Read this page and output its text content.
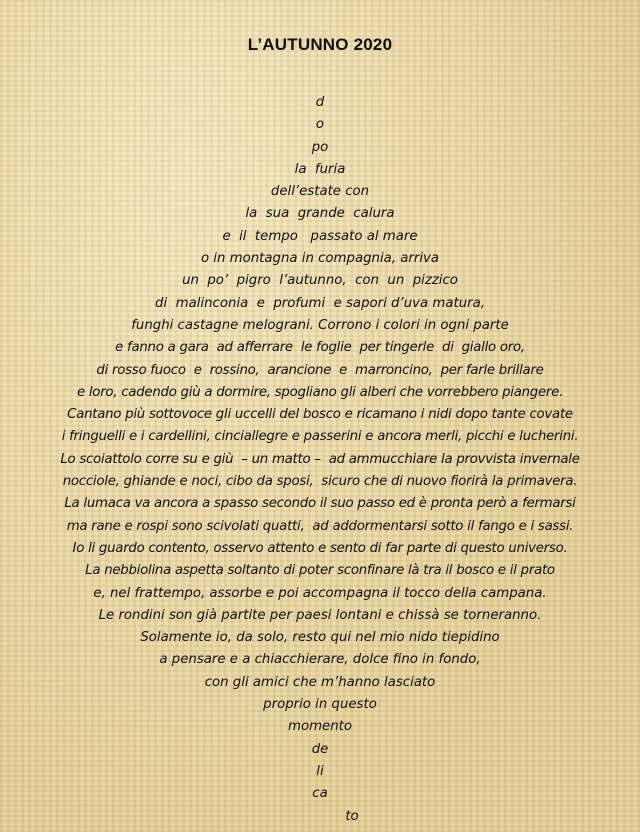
L’AUTUNNO 2020
d
o
po
la  furia
dell’estate con
la  sua  grande  calura
e  il  tempo   passato al mare
o in montagna in compagnia, arriva
un  po’  pigro  l’autunno,  con  un  pizzico
di  malinconia  e  profumi  e sapori d’uva matura,
funghi castagne melograni. Corrono i colori in ogni parte
e fanno a gara  ad afferrare  le foglie  per tingerle  di  giallo oro,
di rosso fuoco  e  rossino,  arancione  e  marroncino,  per farle brillare
e loro, cadendo giù a dormire, spogliano gli alberi che vorrebbero piangere.
Cantano più sottovoce gli uccelli del bosco e ricamano i nidi dopo tante covate
i fringuelli e i cardellini, cinciallegre e passerini e ancora merli, picchi e lucherini.
Lo scoiattolo corre su e giù  – un matto –  ad ammucchiare la provvista invernale
nocciole, ghiande e noci, cibo da sposi,  sicuro che di nuovo fiorirà la primavera.
La lumaca va ancora a spasso secondo il suo passo ed è pronta però a fermarsi
ma rane e rospi sono scivolati quatti,  ad addormentarsi sotto il fango e i sassi.
Io li guardo contento, osservo attento e sento di far parte di questo universo.
La nebbiolina aspetta soltanto di poter sconfinare là tra il bosco e il prato
e, nel frattempo, assorbe e poi accompagna il tocco della campana.
Le rondini son già partite per paesi lontani e chissà se torneranno.
Solamente io, da solo, resto qui nel mio nido tiepidino
a pensare e a chiacchierare, dolce fino in fondo,
con gli amici che m’hanno lasciato
proprio in questo
momento
de
li
ca
to
